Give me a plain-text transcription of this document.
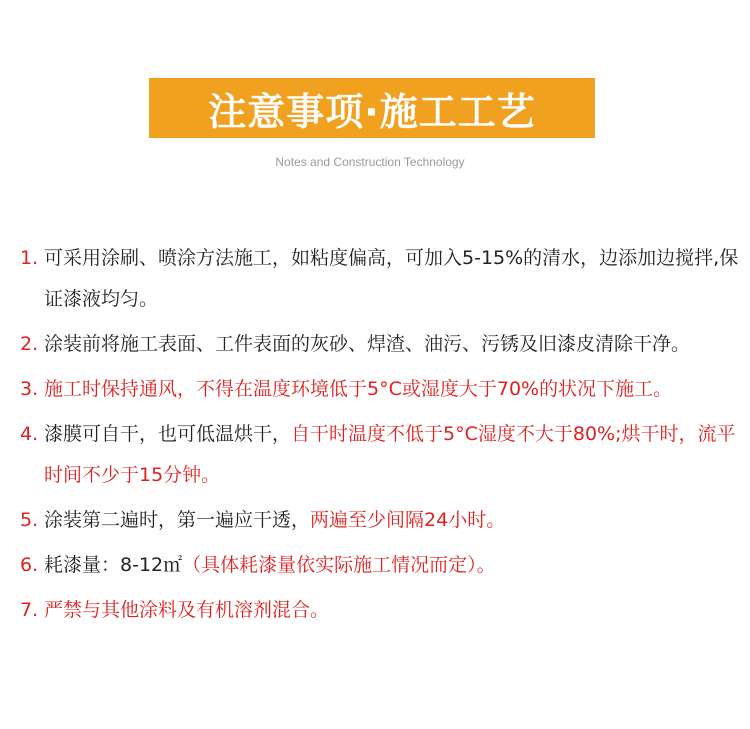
注意事项·施工工艺
Notes and Construction Technology
1. 可采用涂刷、喷涂方法施工，如粘度偏高，可加入5-15%的清水，边添加边搅拌,保证漆液均匀。
2. 涂装前将施工表面、工件表面的灰砂、焊渣、油污、污锈及旧漆皮清除干净。
3. 施工时保持通风，不得在温度环境低于5°C或湿度大于70%的状况下施工。
4. 漆膜可自干，也可低温烘干，自干时温度不低于5°C湿度不大于80%;烘干时，流平时间不少于15分钟。
5. 涂装第二遍时，第一遍应干透，两遍至少间隔24小时。
6. 耗漆量：8-12㎡（具体耗漆量依实际施工情况而定）。
7. 严禁与其他涂料及有机溶剂混合。
